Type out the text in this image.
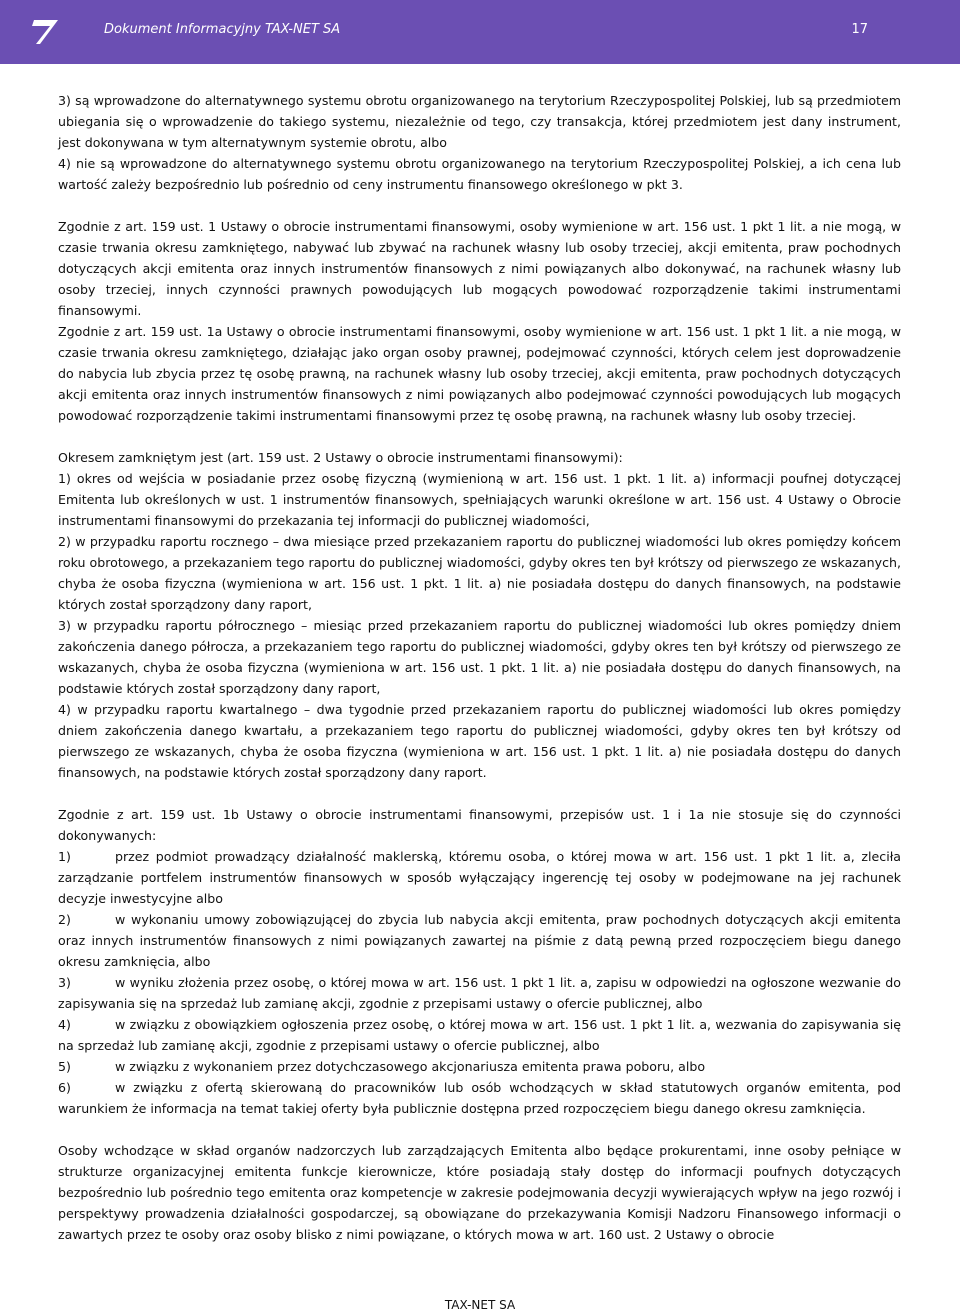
Dokument Informacyjny TAX-NET SA	17

3) są wprowadzone do alternatywnego systemu obrotu organizowanego na terytorium Rzeczypospolitej Polskiej, lub są przedmiotem ubiegania się o wprowadzenie do takiego systemu, niezależnie od tego, czy transakcja, której przedmiotem jest dany instrument, jest dokonywana w tym alternatywnym systemie obrotu, albo

4) nie są wprowadzone do alternatywnego systemu obrotu organizowanego na terytorium Rzeczypospolitej Polskiej, a ich cena lub wartość zależy bezpośrednio lub pośrednio od ceny instrumentu finansowego określonego w pkt 3.

Zgodnie z art. 159 ust. 1 Ustawy o obrocie instrumentami finansowymi, osoby wymienione w art. 156 ust. 1 pkt 1 lit. a nie mogą, w czasie trwania okresu zamkniętego, nabywać lub zbywać na rachunek własny lub osoby trzeciej, akcji emitenta, praw pochodnych dotyczących akcji emitenta oraz innych instrumentów finansowych z nimi powiązanych albo dokonywać, na rachunek własny lub osoby trzeciej, innych czynności prawnych powodujących lub mogących powodować rozporządzenie takimi instrumentami finansowymi.

Zgodnie z art. 159 ust. 1a Ustawy o obrocie instrumentami finansowymi, osoby wymienione w art. 156 ust. 1 pkt 1 lit. a nie mogą, w czasie trwania okresu zamkniętego, działając jako organ osoby prawnej, podejmować czynności, których celem jest doprowadzenie do nabycia lub zbycia przez tę osobę prawną, na rachunek własny lub osoby trzeciej, akcji emitenta, praw pochodnych dotyczących akcji emitenta oraz innych instrumentów finansowych z nimi powiązanych albo podejmować czynności powodujących lub mogących powodować rozporządzenie takimi instrumentami finansowymi przez tę osobę prawną, na rachunek własny lub osoby trzeciej.

Okresem zamkniętym jest (art. 159 ust. 2 Ustawy o obrocie instrumentami finansowymi):

1) okres od wejścia w posiadanie przez osobę fizyczną (wymienioną w art. 156 ust. 1 pkt. 1 lit. a) informacji poufnej dotyczącej Emitenta lub określonych w ust. 1 instrumentów finansowych, spełniających warunki określone w art. 156 ust. 4 Ustawy o Obrocie instrumentami finansowymi do przekazania tej informacji do publicznej wiadomości,

2) w przypadku raportu rocznego – dwa miesiące przed przekazaniem raportu do publicznej wiadomości lub okres pomiędzy końcem roku obrotowego, a przekazaniem tego raportu do publicznej wiadomości, gdyby okres ten był krótszy od pierwszego ze wskazanych, chyba że osoba fizyczna (wymieniona w art. 156 ust. 1 pkt. 1 lit. a) nie posiadała dostępu do danych finansowych, na podstawie których został sporządzony dany raport,

3) w przypadku raportu półrocznego – miesiąc przed przekazaniem raportu do publicznej wiadomości lub okres pomiędzy dniem zakończenia danego półrocza, a przekazaniem tego raportu do publicznej wiadomości, gdyby okres ten był krótszy od pierwszego ze wskazanych, chyba że osoba fizyczna (wymieniona w art. 156 ust. 1 pkt. 1 lit. a) nie posiadała dostępu do danych finansowych, na podstawie których został sporządzony dany raport,

4) w przypadku raportu kwartalnego – dwa tygodnie przed przekazaniem raportu do publicznej wiadomości lub okres pomiędzy dniem zakończenia danego kwartału, a przekazaniem tego raportu do publicznej wiadomości, gdyby okres ten był krótszy od pierwszego ze wskazanych, chyba że osoba fizyczna (wymieniona w art. 156 ust. 1 pkt. 1 lit. a) nie posiadała dostępu do danych finansowych, na podstawie których został sporządzony dany raport.

Zgodnie z art. 159 ust. 1b Ustawy o obrocie instrumentami finansowymi, przepisów ust. 1 i 1a nie stosuje się do czynności dokonywanych:

1)	przez podmiot prowadzący działalność maklerską, któremu osoba, o której mowa w art. 156 ust. 1 pkt 1 lit. a, zleciła zarządzanie portfelem instrumentów finansowych w sposób wyłączający ingerencję tej osoby w podejmowane na jej rachunek decyzje inwestycyjne albo

2)	w wykonaniu umowy zobowiązującej do zbycia lub nabycia akcji emitenta, praw pochodnych dotyczących akcji emitenta oraz innych instrumentów finansowych z nimi powiązanych zawartej na piśmie z datą pewną przed rozpoczęciem biegu danego okresu zamknięcia, albo

3)	w wyniku złożenia przez osobę, o której mowa w art. 156 ust. 1 pkt 1 lit. a, zapisu w odpowiedzi na ogłoszone wezwanie do zapisywania się na sprzedaż lub zamianę akcji, zgodnie z przepisami ustawy o ofercie publicznej, albo

4)	w związku z obowiązkiem ogłoszenia przez osobę, o której mowa w art. 156 ust. 1 pkt 1 lit. a, wezwania do zapisywania się na sprzedaż lub zamianę akcji, zgodnie z przepisami ustawy o ofercie publicznej, albo

5)	w związku z wykonaniem przez dotychczasowego akcjonariusza emitenta prawa poboru, albo

6)	w związku z ofertą skierowaną do pracowników lub osób wchodzących w skład statutowych organów emitenta, pod warunkiem że informacja na temat takiej oferty była publicznie dostępna przed rozpoczęciem biegu danego okresu zamknięcia.

Osoby wchodzące w skład organów nadzorczych lub zarządzających Emitenta albo będące prokurentami, inne osoby pełniące w strukturze organizacyjnej emitenta funkcje kierownicze, które posiadają stały dostęp do informacji poufnych dotyczących bezpośrednio lub pośrednio tego emitenta oraz kompetencje w zakresie podejmowania decyzji wywierających wpływ na jego rozwój i perspektywy prowadzenia działalności gospodarczej, są obowiązane do przekazywania Komisji Nadzoru Finansowego informacji o zawartych przez te osoby oraz osoby blisko z nimi powiązane, o których mowa w art. 160 ust. 2 Ustawy o obrocie

TAX-NET SA
